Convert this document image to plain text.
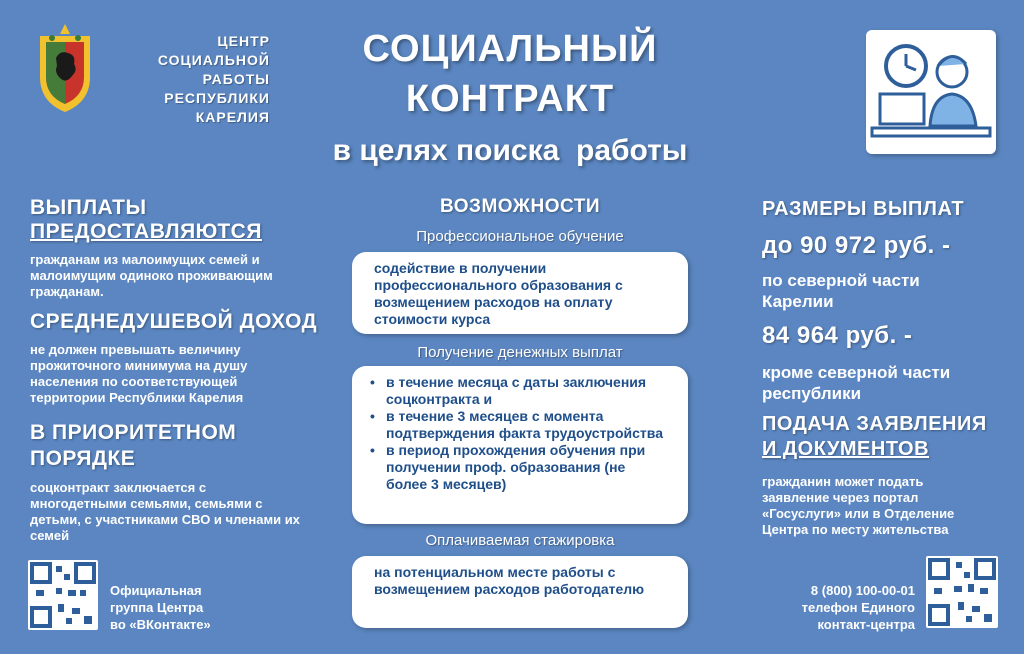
ЦЕНТР
СОЦИАЛЬНОЙ
РАБОТЫ
РЕСПУБЛИКИ
КАРЕЛИЯ
СОЦИАЛЬНЫЙ
КОНТРАКТ
в целях поиска  работы
ВЫПЛАТЫ
ПРЕДОСТАВЛЯЮТСЯ
гражданам из малоимущих семей и малоимущим одиноко проживающим гражданам.
СРЕДНЕДУШЕВОЙ ДОХОД
не должен превышать величину прожиточного минимума на душу населения по соответствующей территории Республики Карелия
В ПРИОРИТЕТНОМ
ПОРЯДКЕ
соцконтракт заключается с многодетными семьями, семьями с детьми, с участниками СВО и членами их семей
Официальная
группа Центра
во «ВКонтакте»
ВОЗМОЖНОСТИ
Профессиональное обучение
содействие в получении профессионального образования с возмещением расходов на оплату стоимости курса
Получение денежных выплат
• в течение месяца с даты заключения соцконтракта и
• в течение 3 месяцев с момента подтверждения факта трудоустройства
• в период прохождения обучения при получении проф. образования (не более 3 месяцев)
Оплачиваемая стажировка
на потенциальном месте работы с возмещением расходов работодателю
РАЗМЕРЫ ВЫПЛАТ
до 90 972 руб. -
по северной части Карелии
84 964 руб. -
кроме северной части республики
ПОДАЧА ЗАЯВЛЕНИЯ
И ДОКУМЕНТОВ
гражданин может подать заявление через портал «Госуслуги» или в Отделение Центра по месту жительства
8 (800) 100-00-01
телефон Единого
контакт-центра
